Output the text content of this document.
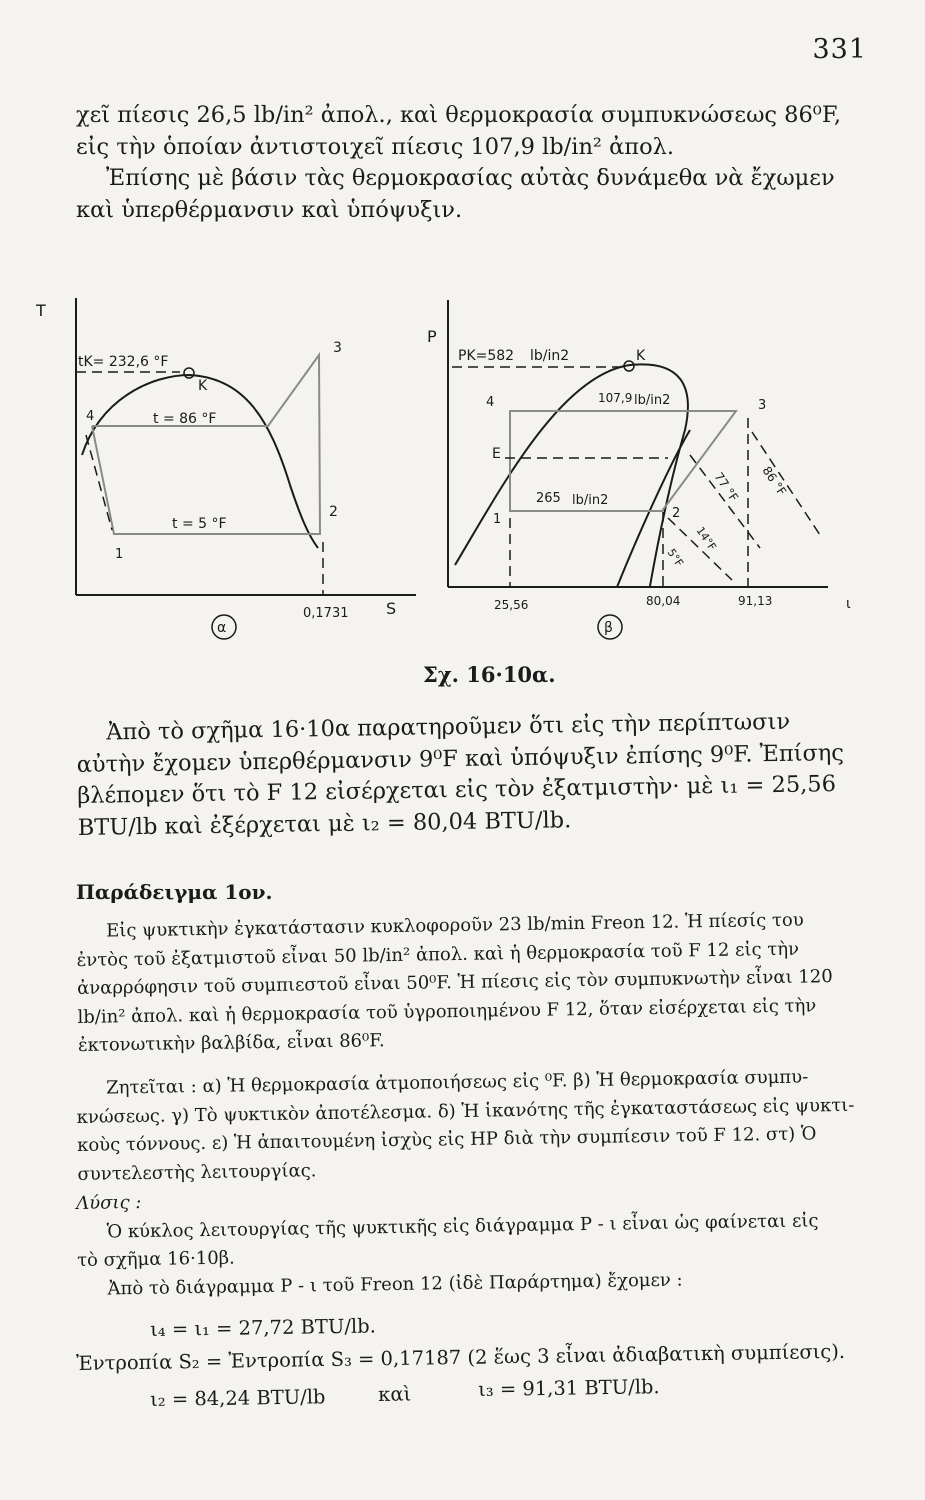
331

χεῖ πίεσις 26,5 lb/in² ἀπολ., καὶ θερμοκρασία συμπυκνώσεως 86⁰F,

εἰς τὴν ὁποίαν ἀντιστοιχεῖ πίεσις 107,9 lb/in² ἀπολ.

Ἐπίσης μὲ βάσιν τὰς θερμοκρασίας αὐτὰς δυνάμεθα νὰ ἔχωμεν

καὶ ὑπερθέρμανσιν καὶ ὑπόψυξιν.

T
tK= 232,6 °F
K
t = 86 °F
t = 5 °F
4
1
2
3
0,1731 S
α
P
PK=582 lb/in2	K
107,9 lb/in2
265 lb/in2
E
4
1	2
3
86 °F
77 °F
14°F
5°F
25,56	80,04	91,13	ι
β
Σχ. 16·10α.

Ἀπὸ τὸ σχῆμα 16·10α παρατηροῦμεν ὅτι εἰς τὴν περίπτωσιν

αὐτὴν ἔχομεν ὑπερθέρμανσιν 9⁰F καὶ ὑπόψυξιν ἐπίσης 9⁰F. Ἐπίσης

βλέπομεν ὅτι τὸ F 12 εἰσέρχεται εἰς τὸν ἐξατμιστὴν· μὲ ι₁ = 25,56

BTU/lb καὶ ἐξέρχεται μὲ ι₂ = 80,04 BTU/lb.

Παράδειγμα 1ον.

Εἰς ψυκτικὴν ἐγκατάστασιν κυκλοφοροῦν 23 lb/min Freon 12. Ἡ πίεσίς του

ἐντὸς τοῦ ἐξατμιστοῦ εἶναι 50 lb/in² ἀπολ. καὶ ἡ θερμοκρασία τοῦ F 12 εἰς τὴν

ἀναρρόφησιν τοῦ συμπιεστοῦ εἶναι 50⁰F. Ἡ πίεσις εἰς τὸν συμπυκνωτὴν εἶναι 120

lb/in² ἀπολ. καὶ ἡ θερμοκρασία τοῦ ὑγροποιημένου F 12, ὅταν εἰσέρχεται εἰς τὴν

ἐκτονωτικὴν βαλβίδα, εἶναι 86⁰F.

Ζητεῖται : α) Ἡ θερμοκρασία ἀτμοποιήσεως εἰς ⁰F. β) Ἡ θερμοκρασία συμπυ-

κνώσεως. γ) Τὸ ψυκτικὸν ἀποτέλεσμα. δ) Ἡ ἱκανότης τῆς ἐγκαταστάσεως εἰς ψυκτι-

κοὺς τόννους. ε) Ἡ ἀπαιτουμένη ἰσχὺς εἰς HP διὰ τὴν συμπίεσιν τοῦ F 12. στ) Ὁ

συντελεστὴς λειτουργίας.

Λύσις :

Ὁ κύκλος λειτουργίας τῆς ψυκτικῆς εἰς διάγραμμα P - ι εἶναι ὡς φαίνεται εἰς

τὸ σχῆμα 16·10β.

Ἀπὸ τὸ διάγραμμα P - ι τοῦ Freon 12 (ἰδὲ Παράρτημα) ἔχομεν :

ι₄ = ι₁ = 27,72 BTU/lb.
Ἐντροπία S₂ = Ἐντροπία S₃ = 0,17187 (2 ἕως 3 εἶναι ἀδιαβατικὴ συμπίεσις).
ι₂ = 84,24 BTU/lb	καὶ	ι₃ = 91,31 BTU/lb.
